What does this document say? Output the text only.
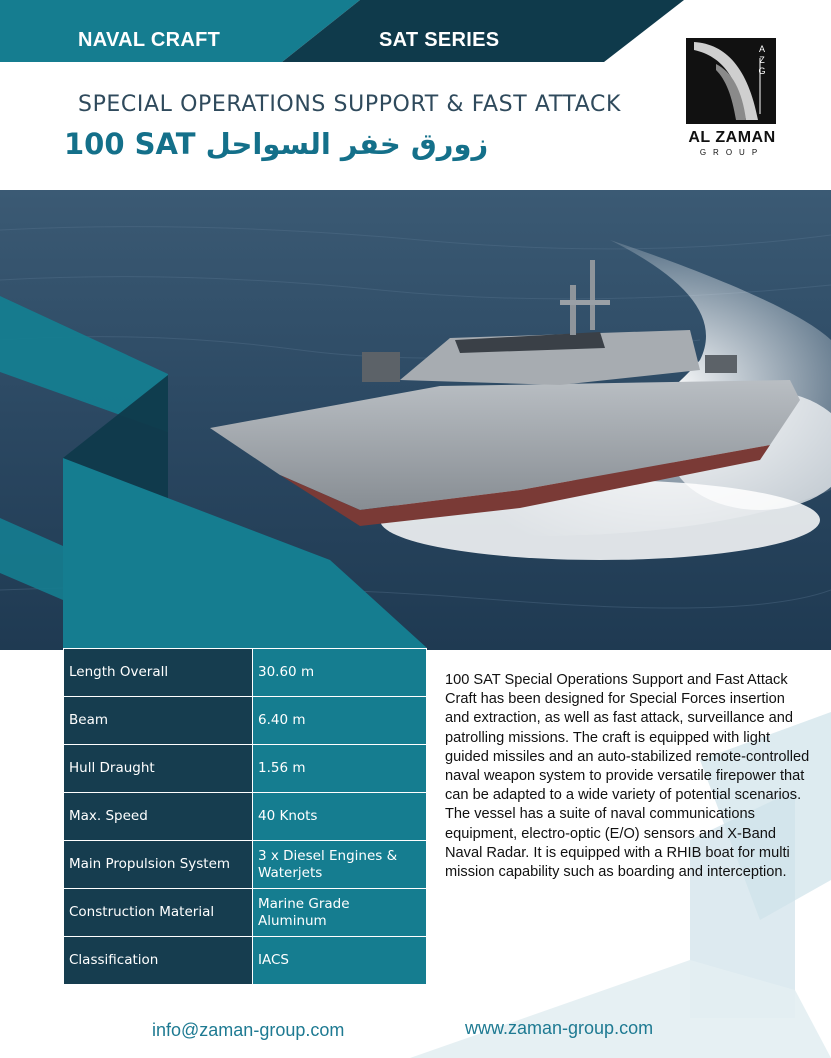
NAVAL CRAFT	SAT SERIES
SPECIAL OPERATIONS SUPPORT & FAST ATTACK
100 SAT زورق خفر السواحل
AZG
AL ZAMAN
GROUP
Length Overall	30.60 m
Beam	6.40 m
Hull Draught	1.56 m
Max. Speed	40 Knots
Main Propulsion System	3 x Diesel Engines & Waterjets
Construction Material	Marine Grade Aluminum
Classification	IACS
100 SAT Special Operations Support and Fast Attack Craft has been designed for Special Forces insertion and extraction, as well as fast attack, surveillance and patrolling missions. The craft is equipped with light guided missiles and an auto-stabilized remote-controlled naval weapon system to provide versatile firepower that can be adapted to a wide variety of potential scenarios. The vessel has a suite of naval communications equipment, electro-optic (E/O) sensors and X-Band Naval Radar. It is equipped with a RHIB boat for multi mission capability such as boarding and interception.
info@zaman-group.com	www.zaman-group.com
